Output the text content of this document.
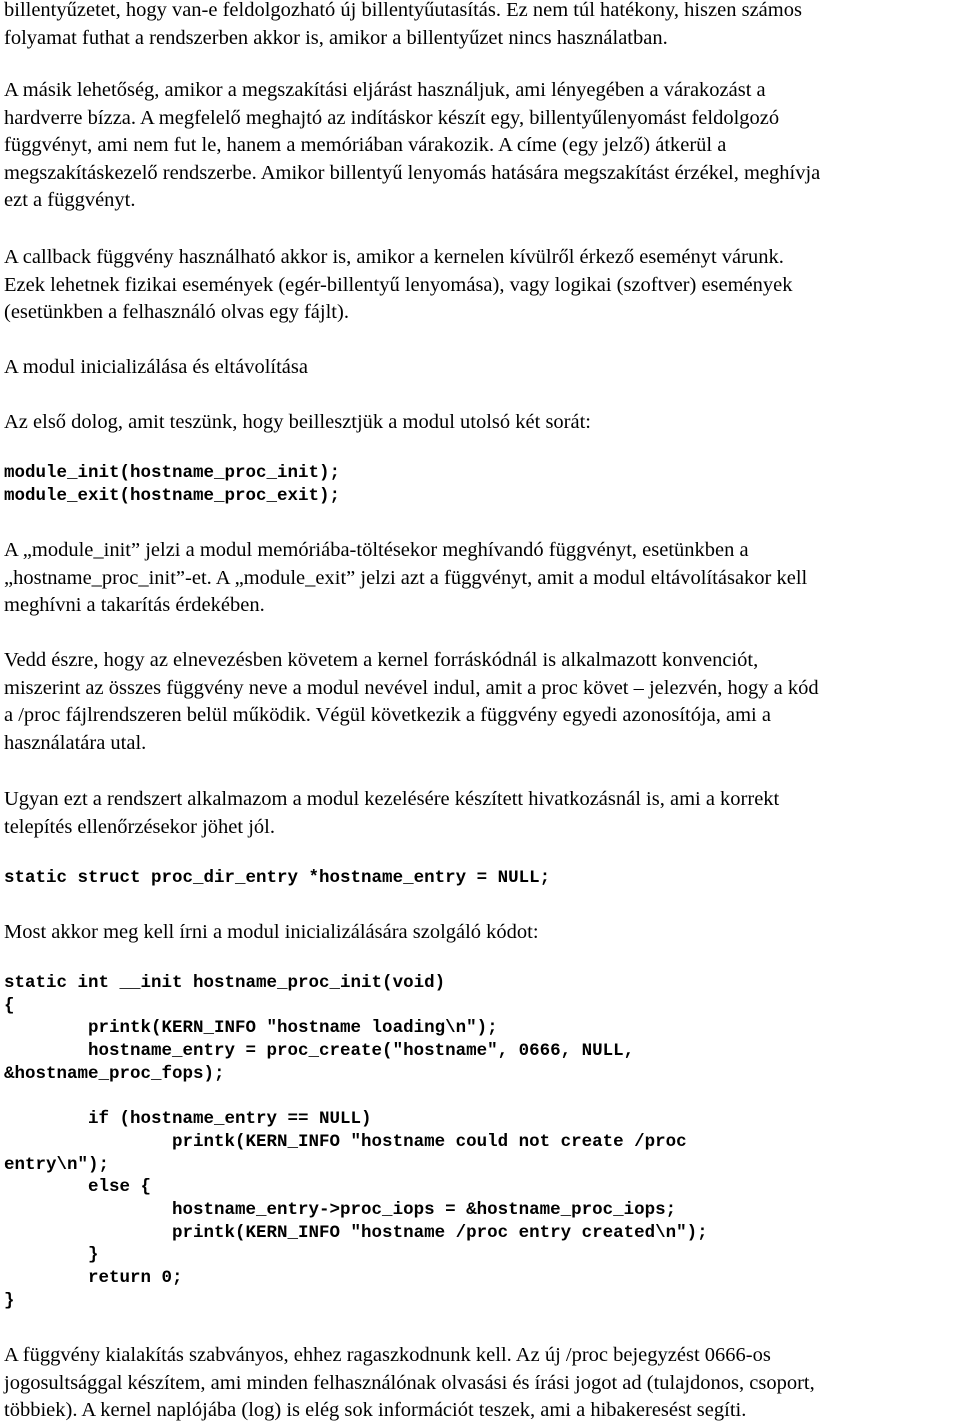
billentyűzetet, hogy van-e feldolgozható új billentyűutasítás. Ez nem túl hatékony, hiszen számos
folyamat futhat a rendszerben akkor is, amikor a billentyűzet nincs használatban.

A másik lehetőség, amikor a megszakítási eljárást használjuk, ami lényegében a várakozást a
hardverre bízza. A megfelelő meghajtó az indításkor készít egy, billentyűlenyomást feldolgozó
függvényt, ami nem fut le, hanem a memóriában várakozik. A címe (egy jelző) átkerül a
megszakításkezelő rendszerbe. Amikor billentyű lenyomás hatására megszakítást érzékel, meghívja
ezt a függvényt.

A callback függvény használható akkor is, amikor a kernelen kívülről érkező eseményt várunk.
Ezek lehetnek fizikai események (egér-billentyű lenyomása), vagy logikai (szoftver) események
(esetünkben a felhasználó olvas egy fájlt).

A modul inicializálása és eltávolítása

Az első dolog, amit teszünk, hogy beillesztjük a modul utolsó két sorát:

module_init(hostname_proc_init);
module_exit(hostname_proc_exit);

A „module_init” jelzi a modul memóriába-töltésekor meghívandó függvényt, esetünkben a
„hostname_proc_init”-et. A „module_exit” jelzi azt a függvényt, amit a modul eltávolításakor kell
meghívni a takarítás érdekében.

Vedd észre, hogy az elnevezésben követem a kernel forráskódnál is alkalmazott konvenciót,
miszerint az összes függvény neve a modul nevével indul, amit a proc követ – jelezvén, hogy a kód
a /proc fájlrendszeren belül működik. Végül következik a függvény egyedi azonosítója, ami a
használatára utal.

Ugyan ezt a rendszert alkalmazom a modul kezelésére készített hivatkozásnál is, ami a korrekt
telepítés ellenőrzésekor jöhet jól.

static struct proc_dir_entry *hostname_entry = NULL;

Most akkor meg kell írni a modul inicializálására szolgáló kódot:

static int __init hostname_proc_init(void)
{
printk(KERN_INFO "hostname loading\n");
hostname_entry = proc_create("hostname", 0666, NULL,
&hostname_proc_fops);

if (hostname_entry == NULL)
printk(KERN_INFO "hostname could not create /proc
entry\n");
else {
hostname_entry->proc_iops = &hostname_proc_iops;
printk(KERN_INFO "hostname /proc entry created\n");
}
return 0;
}

A függvény kialakítás szabványos, ehhez ragaszkodnunk kell. Az új /proc bejegyzést 0666-os
jogosultsággal készítem, ami minden felhasználónak olvasási és írási jogot ad (tulajdonos, csoport,
többiek). A kernel naplójába (log) is elég sok információt teszek, ami a hibakeresést segíti.
